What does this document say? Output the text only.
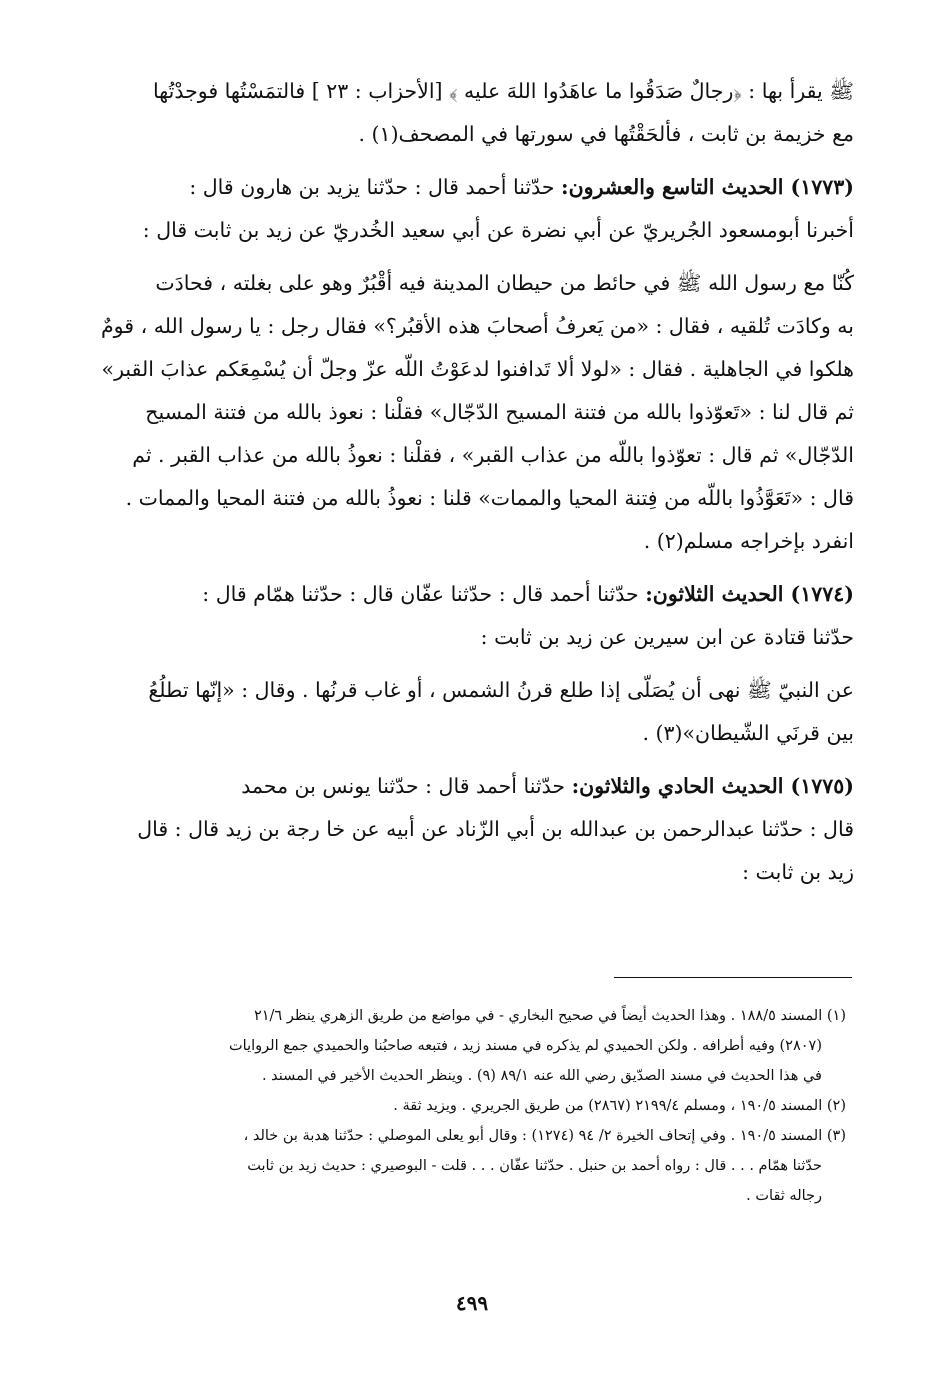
ﷺ يقرأ بها : ﴿رجالٌ صَدَقُوا ما عاهَدُوا اللهَ عليه ﴾ [الأحزاب : ٢٣ ] فالتمَسْتُها فوجدْتُها
مع خزيمة بن ثابت ، فألحَقْتُها في سورتها في المصحف(١) .

(١٧٧٣) الحديث التاسع والعشرون: حدّثنا أحمد قال : حدّثنا يزيد بن هارون قال :
أخبرنا أبومسعود الجُريريّ عن أبي نضرة عن أبي سعيد الخُدريّ عن زيد بن ثابت قال :

كُنّا مع رسول الله ﷺ في حائط من حيطان المدينة فيه أقْبُرٌ وهو على بغلته ، فحادَت
به وكادَت تُلقيه ، فقال : «من يَعرفُ أصحابَ هذه الأقبُر؟» فقال رجل : يا رسول الله ، قومٌ
هلكوا في الجاهلية . فقال : «لولا ألا تَدافنوا لدعَوْتُ اللّه عزّ وجلّ أن يُسْمِعَكم عذابَ القبر»
ثم قال لنا : «تَعوّذوا بالله من فتنة المسيح الدّجّال» فقلْنا : نعوذ بالله من فتنة المسيح
الدّجّال» ثم قال : تعوّذوا باللّه من عذاب القبر» ، فقلْنا : نعوذُ بالله من عذاب القبر . ثم
قال : «تَعَوَّذُوا باللّه من فِتنة المحيا والممات» قلنا : نعوذُ بالله من فتنة المحيا والممات .
انفرد بإخراجه مسلم(٢) .

(١٧٧٤) الحديث الثلاثون: حدّثنا أحمد قال : حدّثنا عفّان قال : حدّثنا همّام قال :
حدّثنا قتادة عن ابن سيرين عن زيد بن ثابت :

عن النبيّ ﷺ نهى أن يُصَلّى إذا طلع قرنُ الشمس ، أو غاب قرنُها . وقال : «إنّها تطلُعُ
بين قرنَي الشّيطان»(٣) .

(١٧٧٥) الحديث الحادي والثلاثون: حدّثنا أحمد قال : حدّثنا يونس بن محمد
قال : حدّثنا عبدالرحمن بن عبدالله بن أبي الزّناد عن أبيه عن خا رجة بن زيد قال : قال
زيد بن ثابت :

(١) المسند ١٨٨/٥ . وهذا الحديث أيضاً في صحيح البخاري - في مواضع من طريق الزهري ينظر ٢١/٦
(٢٨٠٧) وفيه أطرافه . ولكن الحميدي لم يذكره في مسند زيد ، فتبعه صاحبُنا والحميدي جمع الروايات
في هذا الحديث في مسند الصدّيق رضي الله عنه ٨٩/١ (٩) . وينظر الحديث الأخير في المسند .
(٢) المسند ١٩٠/٥ ، ومسلم ٢١٩٩/٤ (٢٨٦٧) من طريق الجريري . ويزيد ثقة .
(٣) المسند ١٩٠/٥ . وفي إتحاف الخيرة ٢/ ٩٤ (١٢٧٤) : وقال أبو يعلى الموصلي : حدّثنا هدبة بن خالد ،
حدّثنا همّام . . . قال : رواه أحمد بن حنبل . حدّثنا عفّان . . . قلت - البوصيري : حديث زيد بن ثابت
رجاله ثقات .
٤٩٩
